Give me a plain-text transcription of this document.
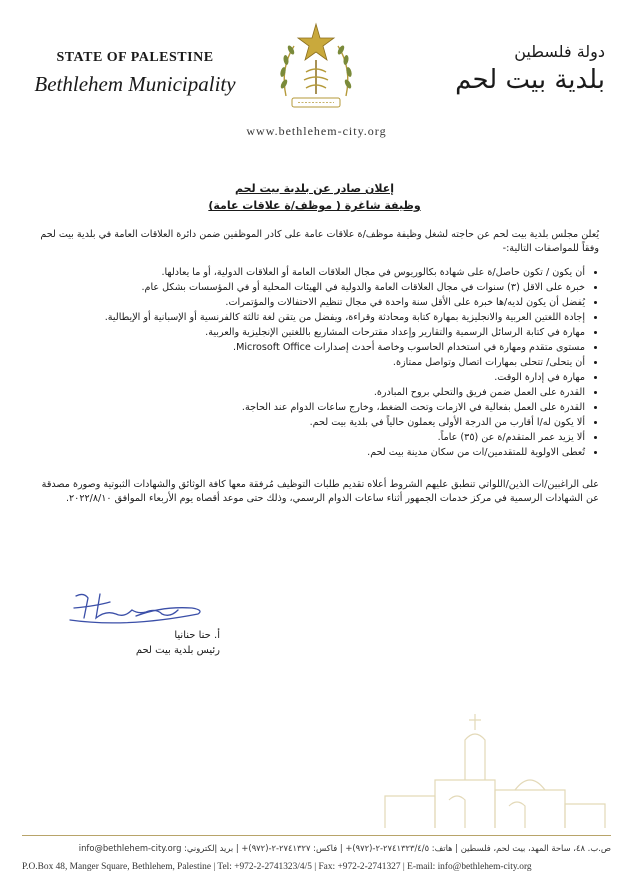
STATE OF PALESTINE
Bethlehem Municipality
دولة فلسطين
بلدية بيت لحم
www.bethlehem-city.org
إعلان صادر عن بلدية بيت لحم
وظيفة شاغرة ( موظف/ة علاقات عامة)
يُعلن مجلس بلدية بيت لحم عن حاجته لشغل وظيفة موظف/ة علاقات عامة على كادر الموظفين ضمن دائرة العلاقات العامة في بلدية بيت لحم وفقاً للمواصفات التالية:-
• أن يكون / تكون حاصل/ة على شهادة بكالوريوس في مجال العلاقات العامة أو العلاقات الدولية، أو ما يعادلها.
• خبرة على الاقل (٣) سنوات في مجال العلاقات العامة والدولية في الهيئات المحلية أو في المؤسسات بشكل عام.
• يُفضل أن يكون لديه/ها خبرة على الأقل سنة واحدة في مجال تنظيم الاحتفالات والمؤتمرات.
• إجادة اللغتين العربية والانجليزية بمهارة كتابة ومحادثة وقراءة، ويفضل من يتقن لغة ثالثة كالفرنسية أو الإسبانية أو الإيطالية.
• مهارة في كتابة الرسائل الرسمية والتقارير وإعداد مقترحات المشاريع باللغتين الإنجليزية والعربية.
• مستوى متقدم ومهارة في استخدام الحاسوب وخاصة أحدث إصدارات Microsoft Office.
• أن يتحلى/ تتحلى بمهارات اتصال وتواصل ممتازة.
• مهارة في إدارة الوقت.
• القدرة على العمل ضمن فريق والتحلي بروح المبادرة.
• القدرة على العمل بفعالية في الازمات وتحت الضغط، وخارج ساعات الدوام عند الحاجة.
• ألا يكون له/ا أقارب من الدرجة الأولى يعملون حالياً في بلدية بيت لحم.
• ألا يزيد عمر المتقدم/ة عن (٣٥) عاماً.
• تُعطى الاولوية للمتقدمين/ات من سكان مدينة بيت لحم.
على الراغبين/ات الذين/اللواتي تنطبق عليهم الشروط أعلاه تقديم طلبات التوظيف مُرفقة معها كافة الوثائق والشهادات الثبوتية وصورة مصدقة عن الشهادات الرسمية في مركز خدمات الجمهور أثناء ساعات الدوام الرسمي، وذلك حتى موعد أقصاه يوم الأربعاء الموافق ٢٠٢٢/٨/١٠.
أ. حنا حنانيا
رئيس بلدية بيت لحم
ص.ب. ٤٨، ساحة المهد، بيت لحم، فلسطين | هاتف: ٢٧٤١٣٢٣/٤/٥-٢-(٩٧٢)+ | فاكس: ٢٧٤١٣٢٧-٢-(٩٧٢)+ | بريد إلكتروني: info@bethlehem-city.org
P.O.Box 48, Manger Square, Bethlehem, Palestine | Tel: +972-2-2741323/4/5 | Fax: +972-2-2741327 | E-mail: info@bethlehem-city.org
